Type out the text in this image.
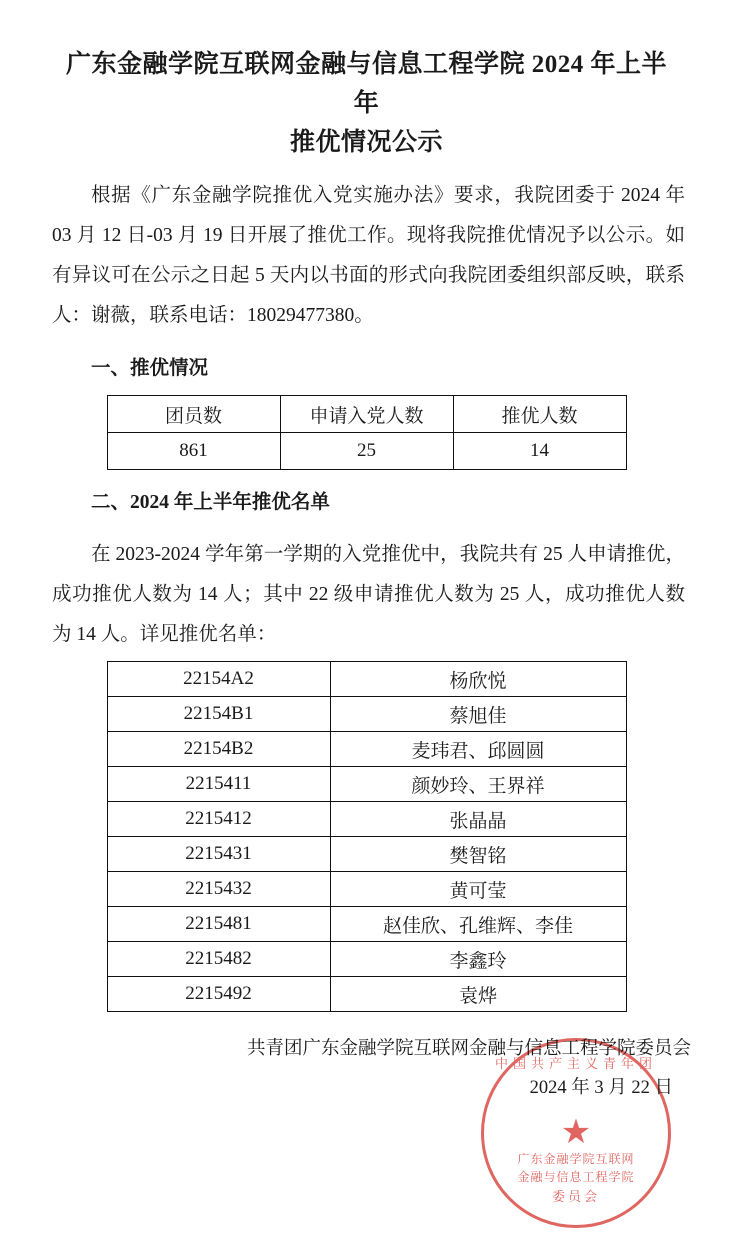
广东金融学院互联网金融与信息工程学院 2024 年上半年
推优情况公示

根据《广东金融学院推优入党实施办法》要求，我院团委于 2024 年 03 月 12 日-03 月 19 日开展了推优工作。现将我院推优情况予以公示。如有异议可在公示之日起 5 天内以书面的形式向我院团委组织部反映，联系人：谢薇，联系电话：18029477380。

一、推优情况
团员数	申请入党人数	推优人数
861	25	14
二、2024 年上半年推优名单

在 2023-2024 学年第一学期的入党推优中，我院共有 25 人申请推优，成功推优人数为 14 人；其中 22 级申请推优人数为 25 人，成功推优人数为 14 人。详见推优名单：

22154A2	杨欣悦
22154B1	蔡旭佳
22154B2	麦玮君、邱圆圆
2215411	颜妙玲、王界祥
2215412	张晶晶
2215431	樊智铭
2215432	黄可莹
2215481	赵佳欣、孔维辉、李佳
2215482	李鑫玲
2215492	袁烨
共青团广东金融学院互联网金融与信息工程学院委员会
2024 年 3 月 22 日
中国共产主义青年团
★
广东金融学院互联网
金融与信息工程学院
委员会
